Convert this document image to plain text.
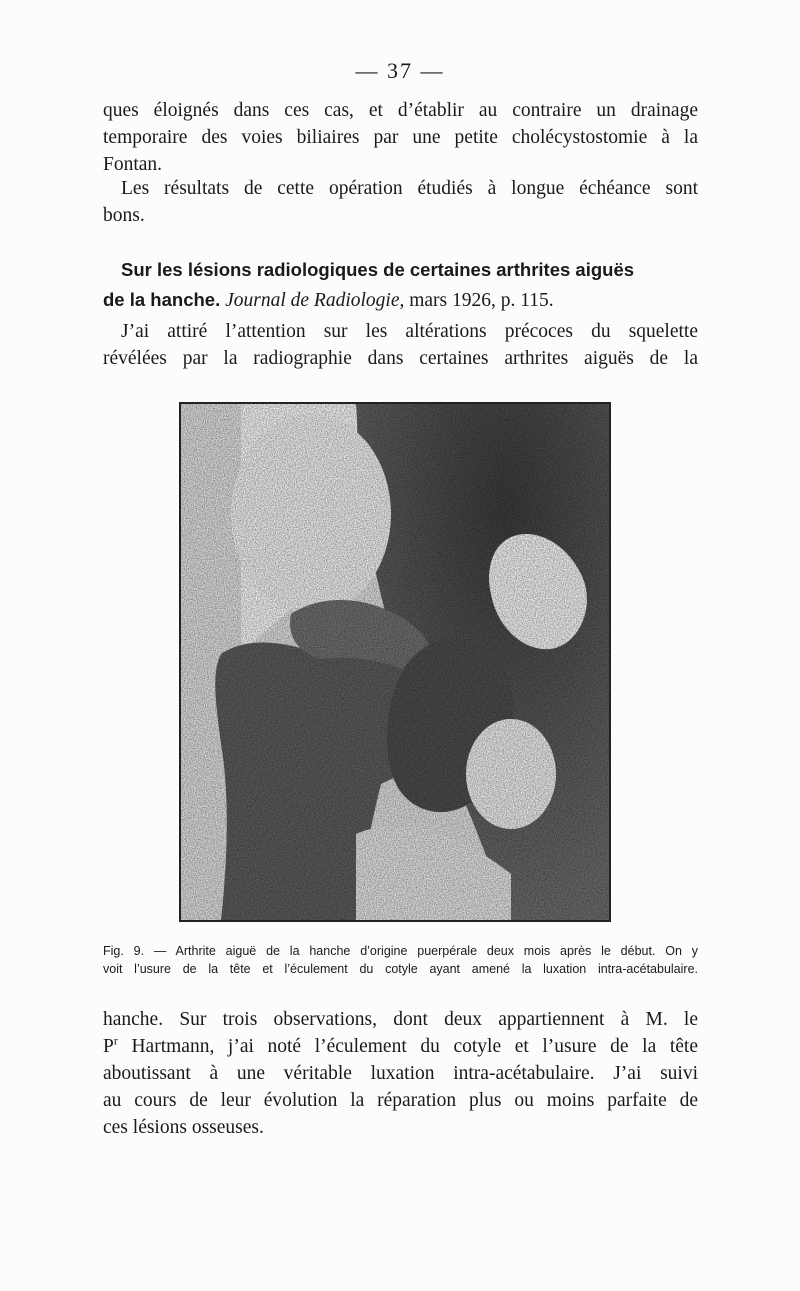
— 37 —

ques éloignés dans ces cas, et d’établir au contraire un drainage
temporaire des voies biliaires par une petite cholécystostomie à la
Fontan.

Les résultats de cette opération étudiés à longue échéance sont
bons.

Sur les lésions radiologiques de certaines arthrites aiguës
de la hanche. Journal de Radiologie, mars 1926, p. 115.

J’ai attiré l’attention sur les altérations précoces du squelette
révélées par la radiographie dans certaines arthrites aiguës de la

Fig. 9. — Arthrite aiguë de la hanche d’origine puerpérale deux mois après le début. On y
voit l’usure de la tête et l’éculement du cotyle ayant amené la luxation intra-acétabulaire.

hanche. Sur trois observations, dont deux appartiennent à M. le
$P^r$ Hartmann, j’ai noté l’éculement du cotyle et l’usure de la tête
aboutissant à une véritable luxation intra-acétabulaire. J’ai suivi
au cours de leur évolution la réparation plus ou moins parfaite de
ces lésions osseuses.
